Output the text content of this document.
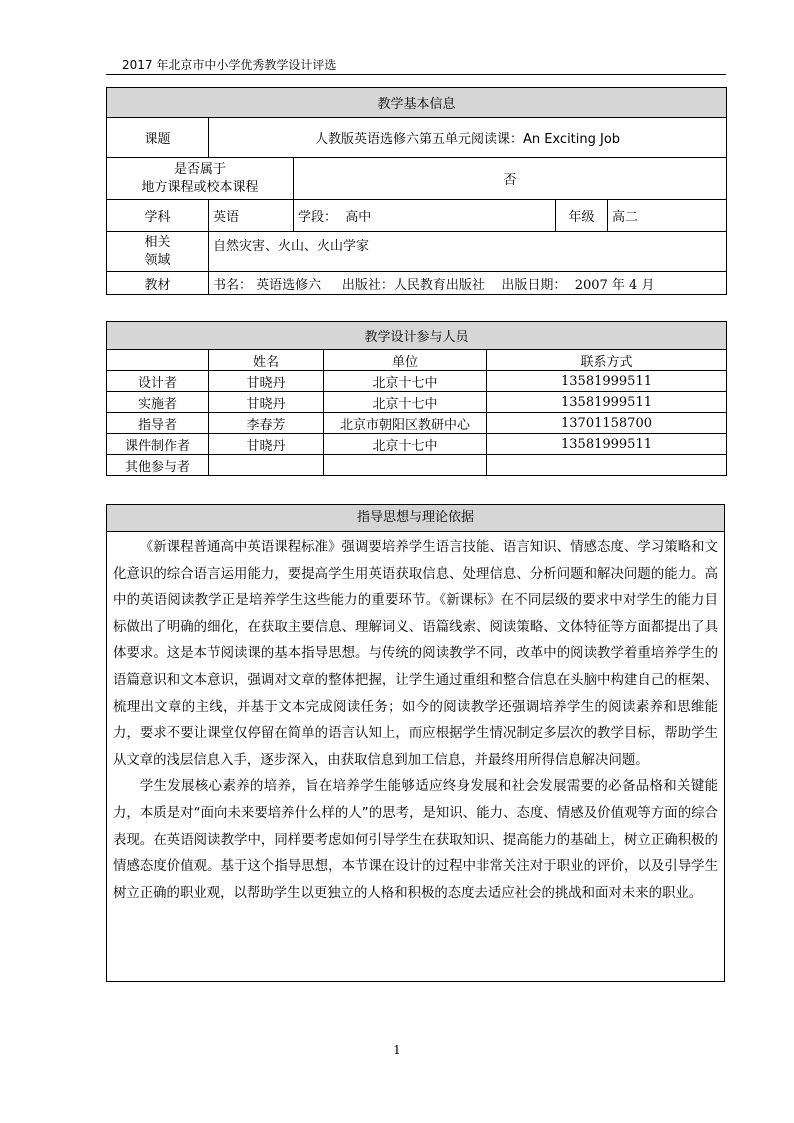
2017 年北京市中小学优秀教学设计评选
教学基本信息				
课题	人教版英语选修六第五单元阅读课：An Exciting Job			

是否属于
地方课程或校本课程		否		
学科	英语	学段： 高中	年级	高二

相关
领域	自然灾害、火山、火山学家			
教材	书名： 英语选修六 出版社：人民教育出版社 出版日期： 2007 年 4 月			
教学设计参与人员			
	姓名	单位	联系方式
设计者	甘晓丹	北京十七中	13581999511
实施者	甘晓丹	北京十七中	13581999511
指导者	李春芳	北京市朝阳区教研中心	13701158700
课件制作者	甘晓丹	北京十七中	13581999511
其他参与者			
指导思想与理论依据

《新课程普通高中英语课程标准》强调要培养学生语言技能、语言知识、情感态度、学习策略和文化意识的综合语言运用能力，要提高学生用英语获取信息、处理信息、分析问题和解决问题的能力。高中的英语阅读教学正是培养学生这些能力的重要环节。《新课标》在不同层级的要求中对学生的能力目标做出了明确的细化，在获取主要信息、理解词义、语篇线索、阅读策略、文体特征等方面都提出了具体要求。这是本节阅读课的基本指导思想。与传统的阅读教学不同，改革中的阅读教学着重培养学生的语篇意识和文本意识，强调对文章的整体把握，让学生通过重组和整合信息在头脑中构建自己的框架、梳理出文章的主线，并基于文本完成阅读任务；如今的阅读教学还强调培养学生的阅读素养和思维能力，要求不要让课堂仅停留在简单的语言认知上，而应根据学生情况制定多层次的教学目标，帮助学生从文章的浅层信息入手，逐步深入，由获取信息到加工信息，并最终用所得信息解决问题。

学生发展核心素养的培养，旨在培养学生能够适应终身发展和社会发展需要的必备品格和关键能力，本质是对“面向未来要培养什么样的人”的思考，是知识、能力、态度、情感及价值观等方面的综合表现。在英语阅读教学中，同样要考虑如何引导学生在获取知识、提高能力的基础上，树立正确积极的情感态度价值观。基于这个指导思想，本节课在设计的过程中非常关注对于职业的评价，以及引导学生树立正确的职业观，以帮助学生以更独立的人格和积极的态度去适应社会的挑战和面对未来的职业。

1
